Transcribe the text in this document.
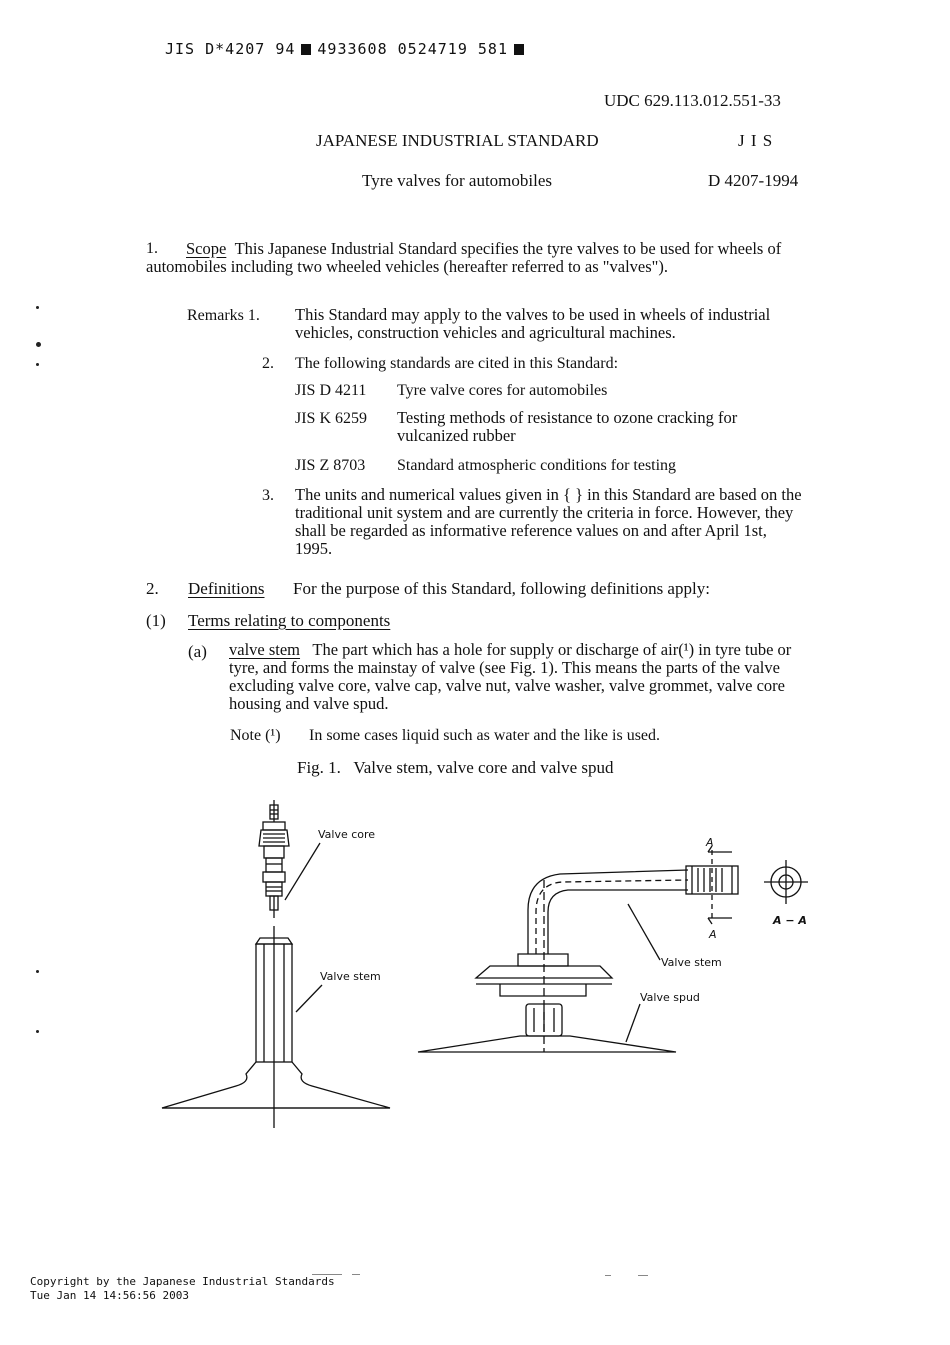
JIS D*4207 94 4933608 0524719 581
UDC 629.113.012.551-33
JAPANESE INDUSTRIAL STANDARD	J I S
Tyre valves for automobiles	D 4207-1994
1.	Scope This Japanese Industrial Standard specifies the tyre valves to be used for wheels of automobiles including two wheeled vehicles (hereafter referred to as "valves").
Remarks 1. This Standard may apply to the valves to be used in wheels of industrial vehicles, construction vehicles and agricultural machines.
2. The following standards are cited in this Standard:
JIS D 4211 Tyre valve cores for automobiles
JIS K 6259 Testing methods of resistance to ozone cracking for vulcanized rubber
JIS Z 8703 Standard atmospheric conditions for testing
3. The units and numerical values given in { } in this Standard are based on the traditional unit system and are currently the criteria in force. However, they shall be regarded as informative reference values on and after April 1st, 1995.
2. Definitions For the purpose of this Standard, following definitions apply:
(1) Terms relating to components
(a) valve stem The part which has a hole for supply or discharge of air(¹) in tyre tube or tyre, and forms the mainstay of valve (see Fig. 1). This means the parts of the valve excluding valve core, valve cap, valve nut, valve washer, valve grommet, valve core housing and valve spud.
Note (¹) In some cases liquid such as water and the like is used.
Fig. 1.   Valve stem, valve core and valve spud
Valve core
Valve stem
Valve stem
Valve spud
A
A
A − A
Copyright by the Japanese Industrial Standards
Tue Jan 14 14:56:56 2003
